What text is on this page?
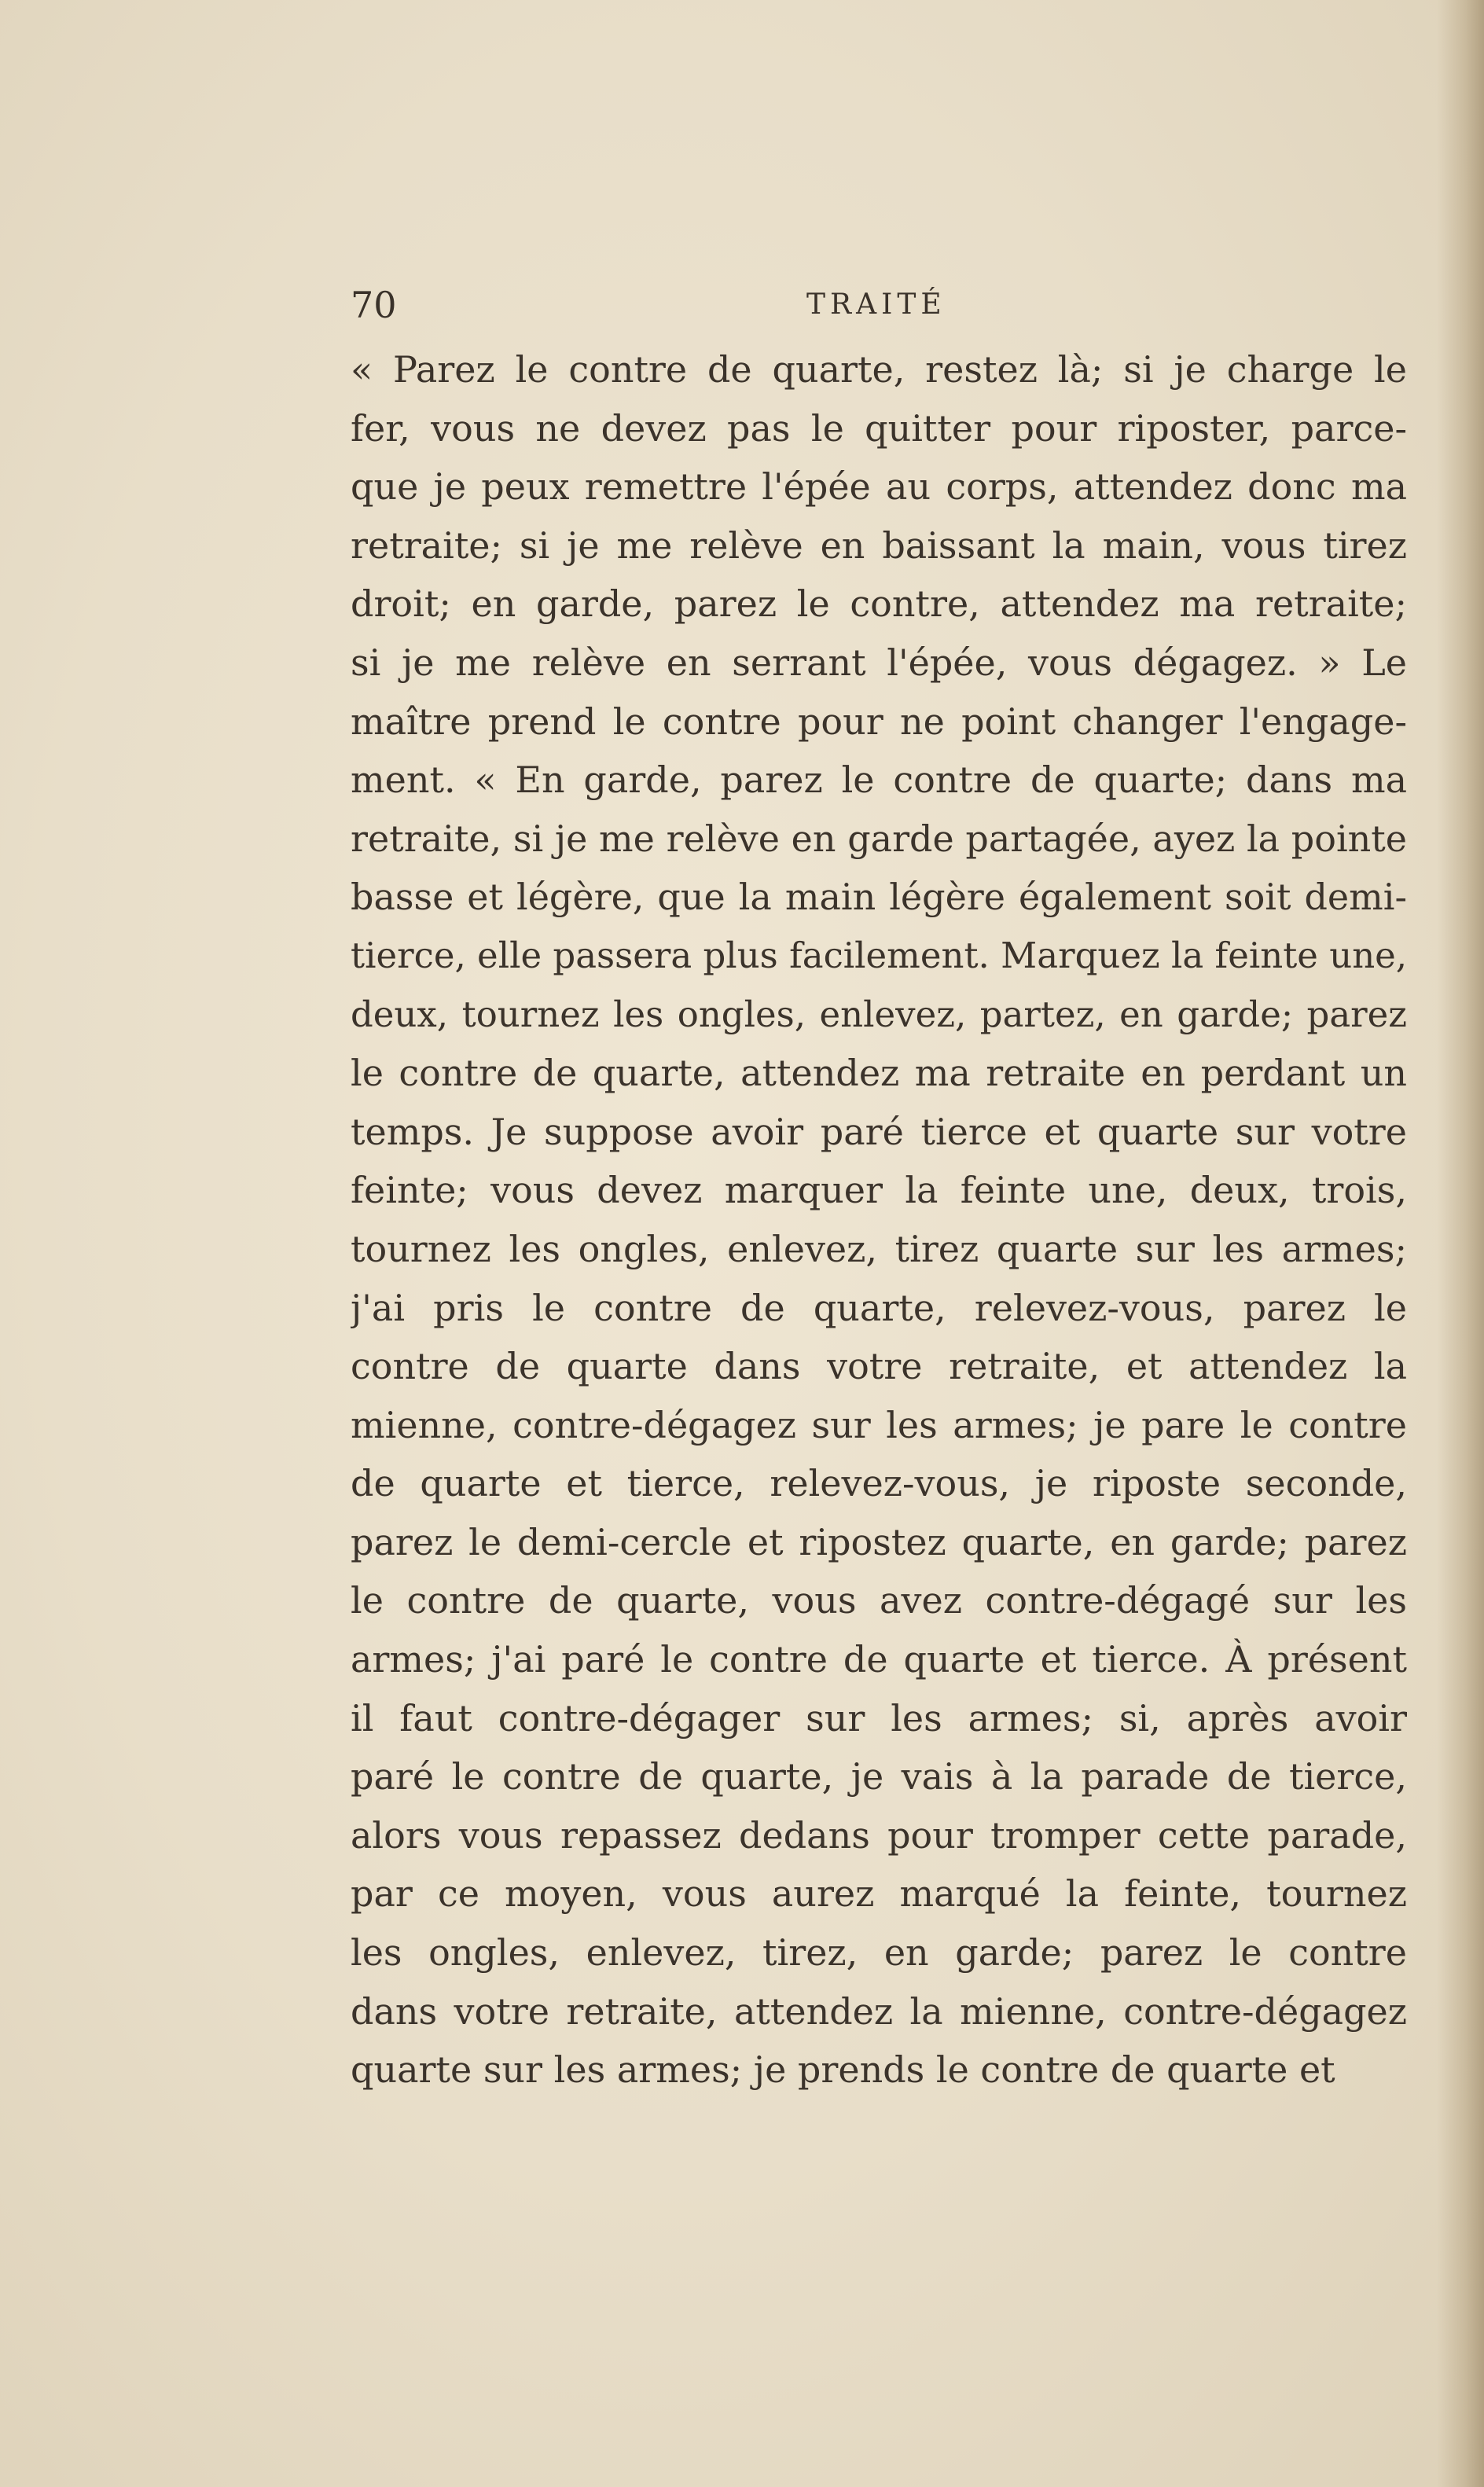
70	TRAITÉ
« Parez le contre de quarte, restez là; si je charge le
fer, vous ne devez pas le quitter pour riposter, parce-
que je peux remettre l'épée au corps, attendez donc ma
retraite; si je me relève en baissant la main, vous tirez
droit; en garde, parez le contre, attendez ma retraite;
si je me relève en serrant l'épée, vous dégagez. » Le
maître prend le contre pour ne point changer l'engage-
ment. « En garde, parez le contre de quarte; dans ma
retraite, si je me relève en garde partagée, ayez la pointe
basse et légère, que la main légère également soit demi-
tierce, elle passera plus facilement. Marquez la feinte une,
deux, tournez les ongles, enlevez, partez, en garde; parez
le contre de quarte, attendez ma retraite en perdant un
temps. Je suppose avoir paré tierce et quarte sur votre
feinte; vous devez marquer la feinte une, deux, trois,
tournez les ongles, enlevez, tirez quarte sur les armes;
j'ai pris le contre de quarte, relevez-vous, parez le
contre de quarte dans votre retraite, et attendez la
mienne, contre-dégagez sur les armes; je pare le contre
de quarte et tierce, relevez-vous, je riposte seconde,
parez le demi-cercle et ripostez quarte, en garde; parez
le contre de quarte, vous avez contre-dégagé sur les
armes; j'ai paré le contre de quarte et tierce. À présent
il faut contre-dégager sur les armes; si, après avoir
paré le contre de quarte, je vais à la parade de tierce,
alors vous repassez dedans pour tromper cette parade,
par ce moyen, vous aurez marqué la feinte, tournez
les ongles, enlevez, tirez, en garde; parez le contre
dans votre retraite, attendez la mienne, contre-dégagez
quarte sur les armes; je prends le contre de quarte et
